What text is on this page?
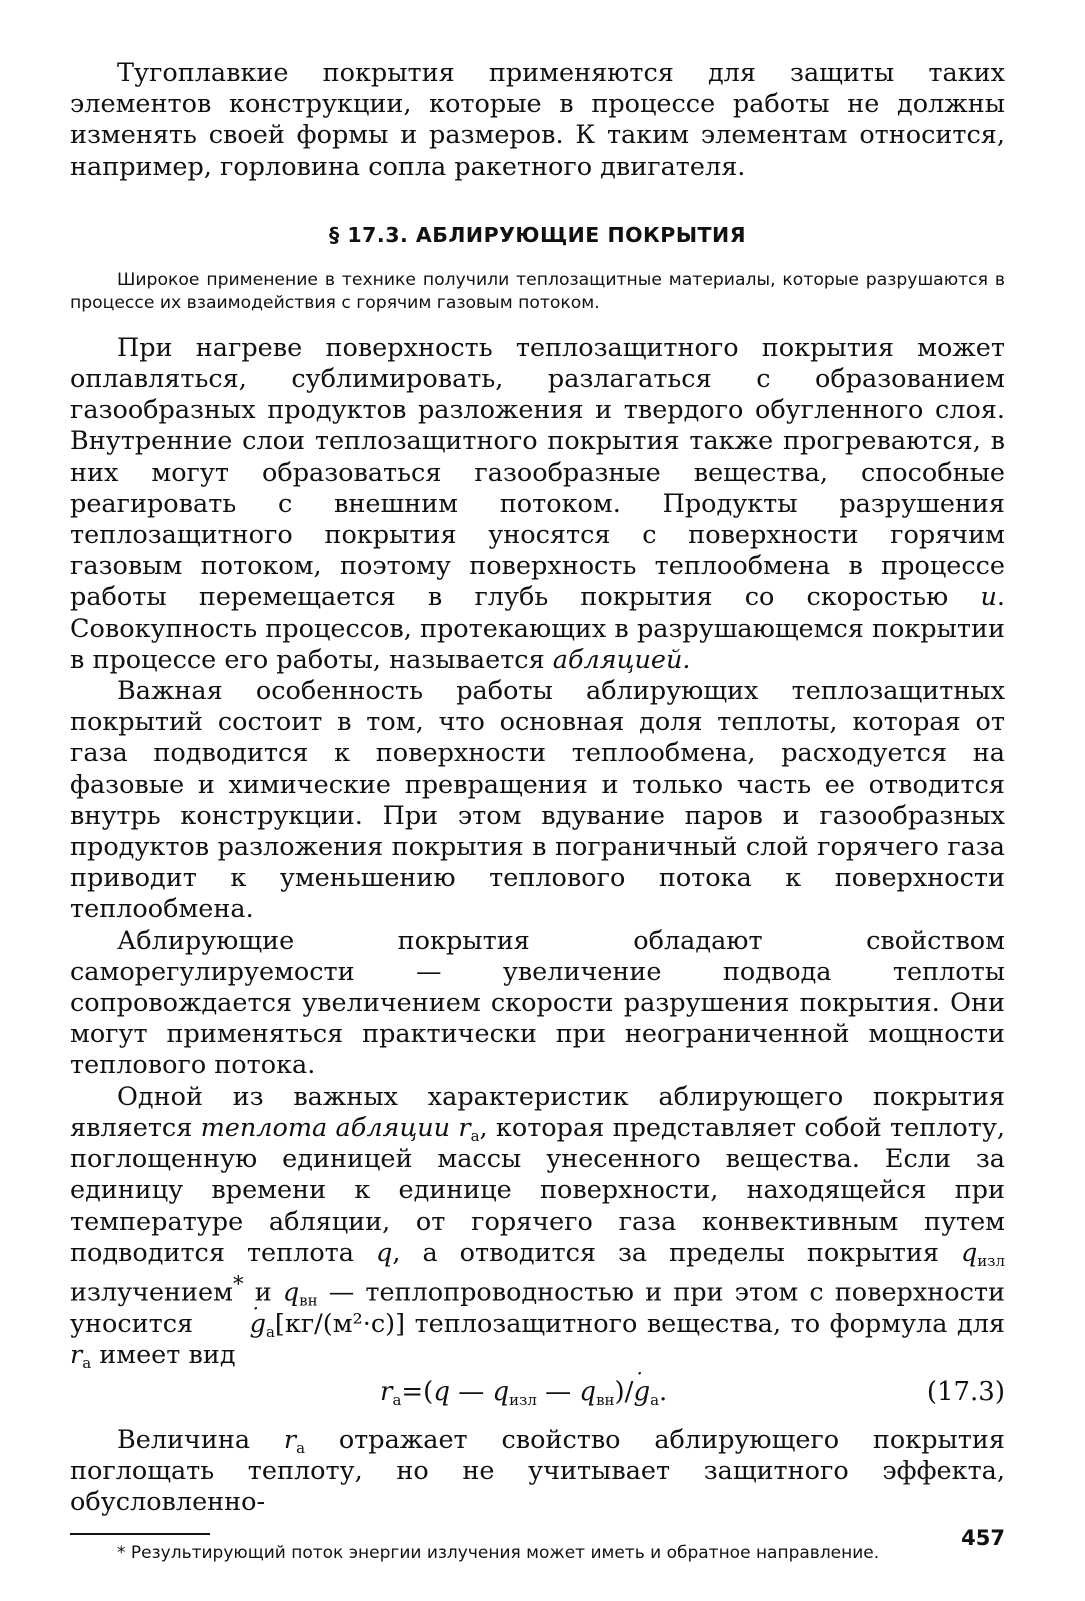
Тугоплавкие покрытия применяются для защиты таких элементов конструкции, которые в процессе работы не должны изменять своей формы и размеров. К таким элементам относится, например, горловина сопла ракетного двигателя.

§ 17.3. АБЛИРУЮЩИЕ ПОКРЫТИЯ

Широкое применение в технике получили теплозащитные материалы, которые разрушаются в процессе их взаимодействия с горячим газовым потоком.

При нагреве поверхность теплозащитного покрытия может оплавляться, сублимировать, разлагаться с образованием газообразных продуктов разложения и твердого обугленного слоя. Внутренние слои теплозащитного покрытия также прогреваются, в них могут образоваться газообразные вещества, способные реагировать с внешним потоком. Продукты разрушения теплозащитного покрытия уносятся с поверхности горячим газовым потоком, поэтому поверхность теплообмена в процессе работы перемещается в глубь покрытия со скоростью u. Совокупность процессов, протекающих в разрушающемся покрытии в процессе его работы, называется абляцией.

Важная особенность работы аблирующих теплозащитных покрытий состоит в том, что основная доля теплоты, которая от газа подводится к поверхности теплообмена, расходуется на фазовые и химические превращения и только часть ее отводится внутрь конструкции. При этом вдувание паров и газообразных продуктов разложения покрытия в пограничный слой горячего газа приводит к уменьшению теплового потока к поверхности теплообмена.

Аблирующие покрытия обладают свойством саморегулируемости — увеличение подвода теплоты сопровождается увеличением скорости разрушения покрытия. Они могут применяться практически при неограниченной мощности теплового потока.

Одной из важных характеристик аблирующего покрытия является теплота абляции $r_а$, которая представляет собой теплоту, поглощенную единицей массы унесенного вещества. Если за единицу времени к единице поверхности, находящейся при температуре абляции, от горячего газа конвективным путем подводится теплота q, а отводится за пределы покрытия $q_{изл}$ излучением* и $q_{вн}$ — теплопроводностью и при этом с поверхности уносится · $g_а[кг/(м^2\cdot с)]$ теплозащитного вещества, то формула для $r_а$ имеет вид

$r_а=(q$ — $q_{изл}$ — $q_{вн})/\cdot g_а$.	(17.3)

Величина $r_а$ отражает свойство аблирующего покрытия поглощать теплоту, но не учитывает защитного эффекта, обусловленно-

* Результирующий поток энергии излучения может иметь и обратное направление.

457
